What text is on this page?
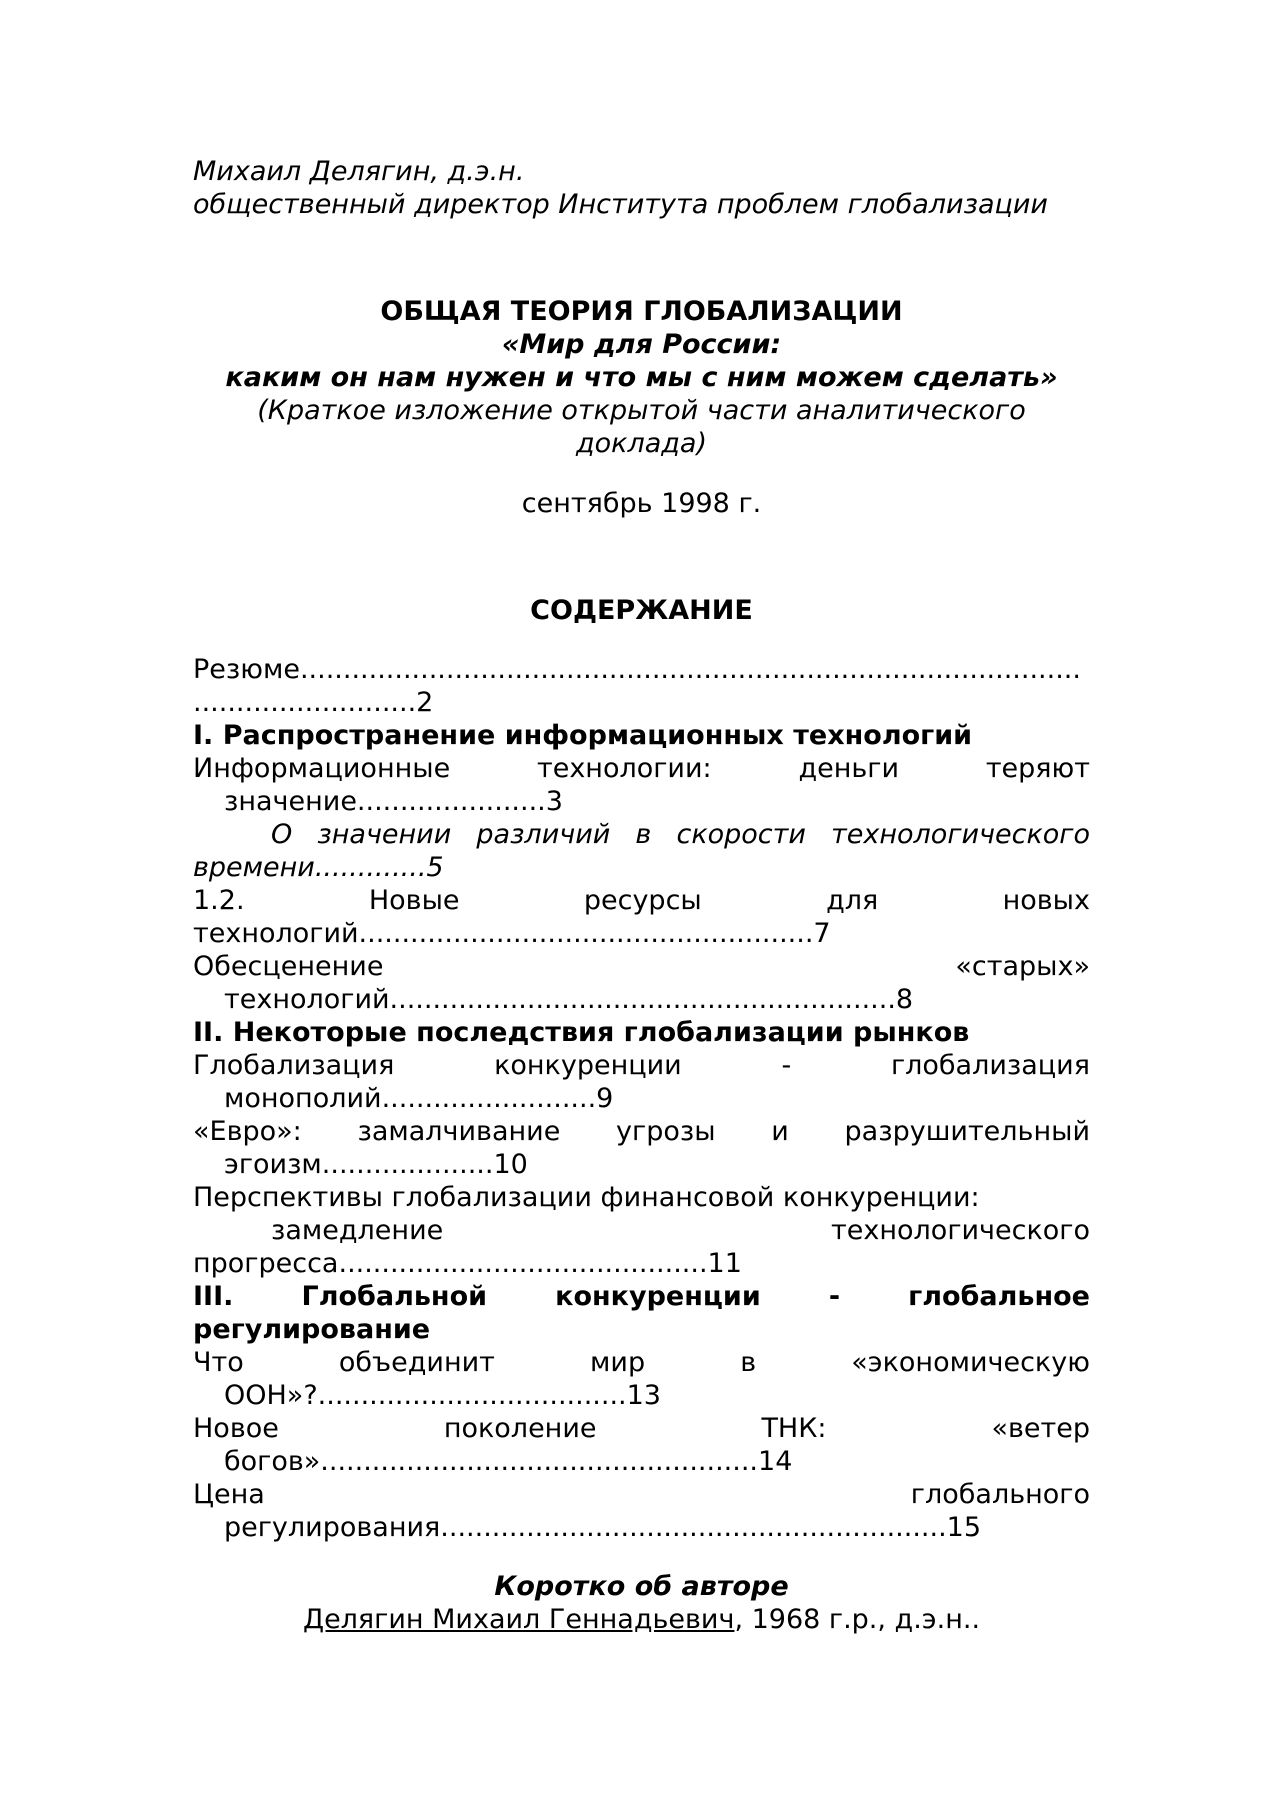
Михаил Делягин, д.э.н.
общественный директор Института проблем глобализации
ОБЩАЯ ТЕОРИЯ ГЛОБАЛИЗАЦИИ
«Мир для России:
каким он нам нужен и что мы с ним можем сделать»
(Краткое изложение открытой части аналитического
доклада)
сентябрь 1998 г.
СОДЕРЖАНИЕ
Резюме...........................................................................................
..........................2
I. Распространение информационных технологий
Информационные	технологии:	деньги	теряют
значение......................3
О значении различий в скорости технологического
времени.............5
1.2.	Новые	ресурсы	для	новых
технологий.....................................................7
Обесценение	«старых»
технологий...........................................................8
II. Некоторые последствия глобализации рынков
Глобализация	конкуренции	-	глобализация
монополий.........................9
«Евро»: замалчивание угрозы и разрушительный
эгоизм....................10
Перспективы глобализации финансовой конкуренции:
замедление	технологического
прогресса...........................................11
III.	Глобальной	конкуренции	-	глобальное
регулирование
Что	объединит	мир	в	«экономическую
ООН»?....................................13
Новое	поколение	ТНК:	«ветер
богов»...................................................14
Цена	глобального
регулирования...........................................................15
Коротко об авторе
Делягин Михаил Геннадьевич, 1968 г.р., д.э.н..
